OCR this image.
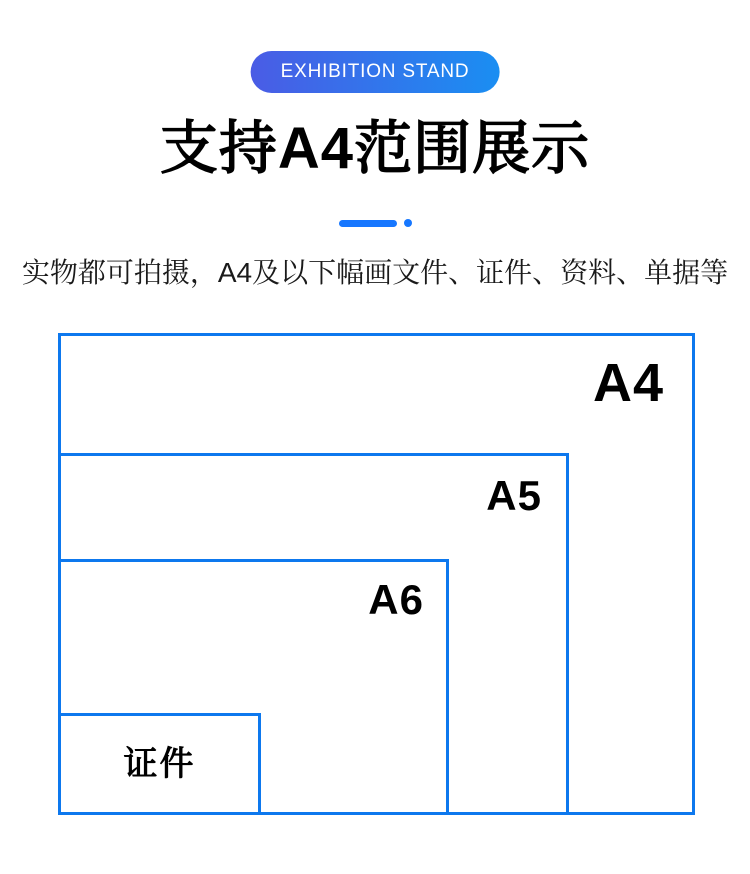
EXHIBITION STAND
支持A4范围展示

实物都可拍摄，A4及以下幅画文件、证件、资料、单据等

A4
A5
A6
证件
